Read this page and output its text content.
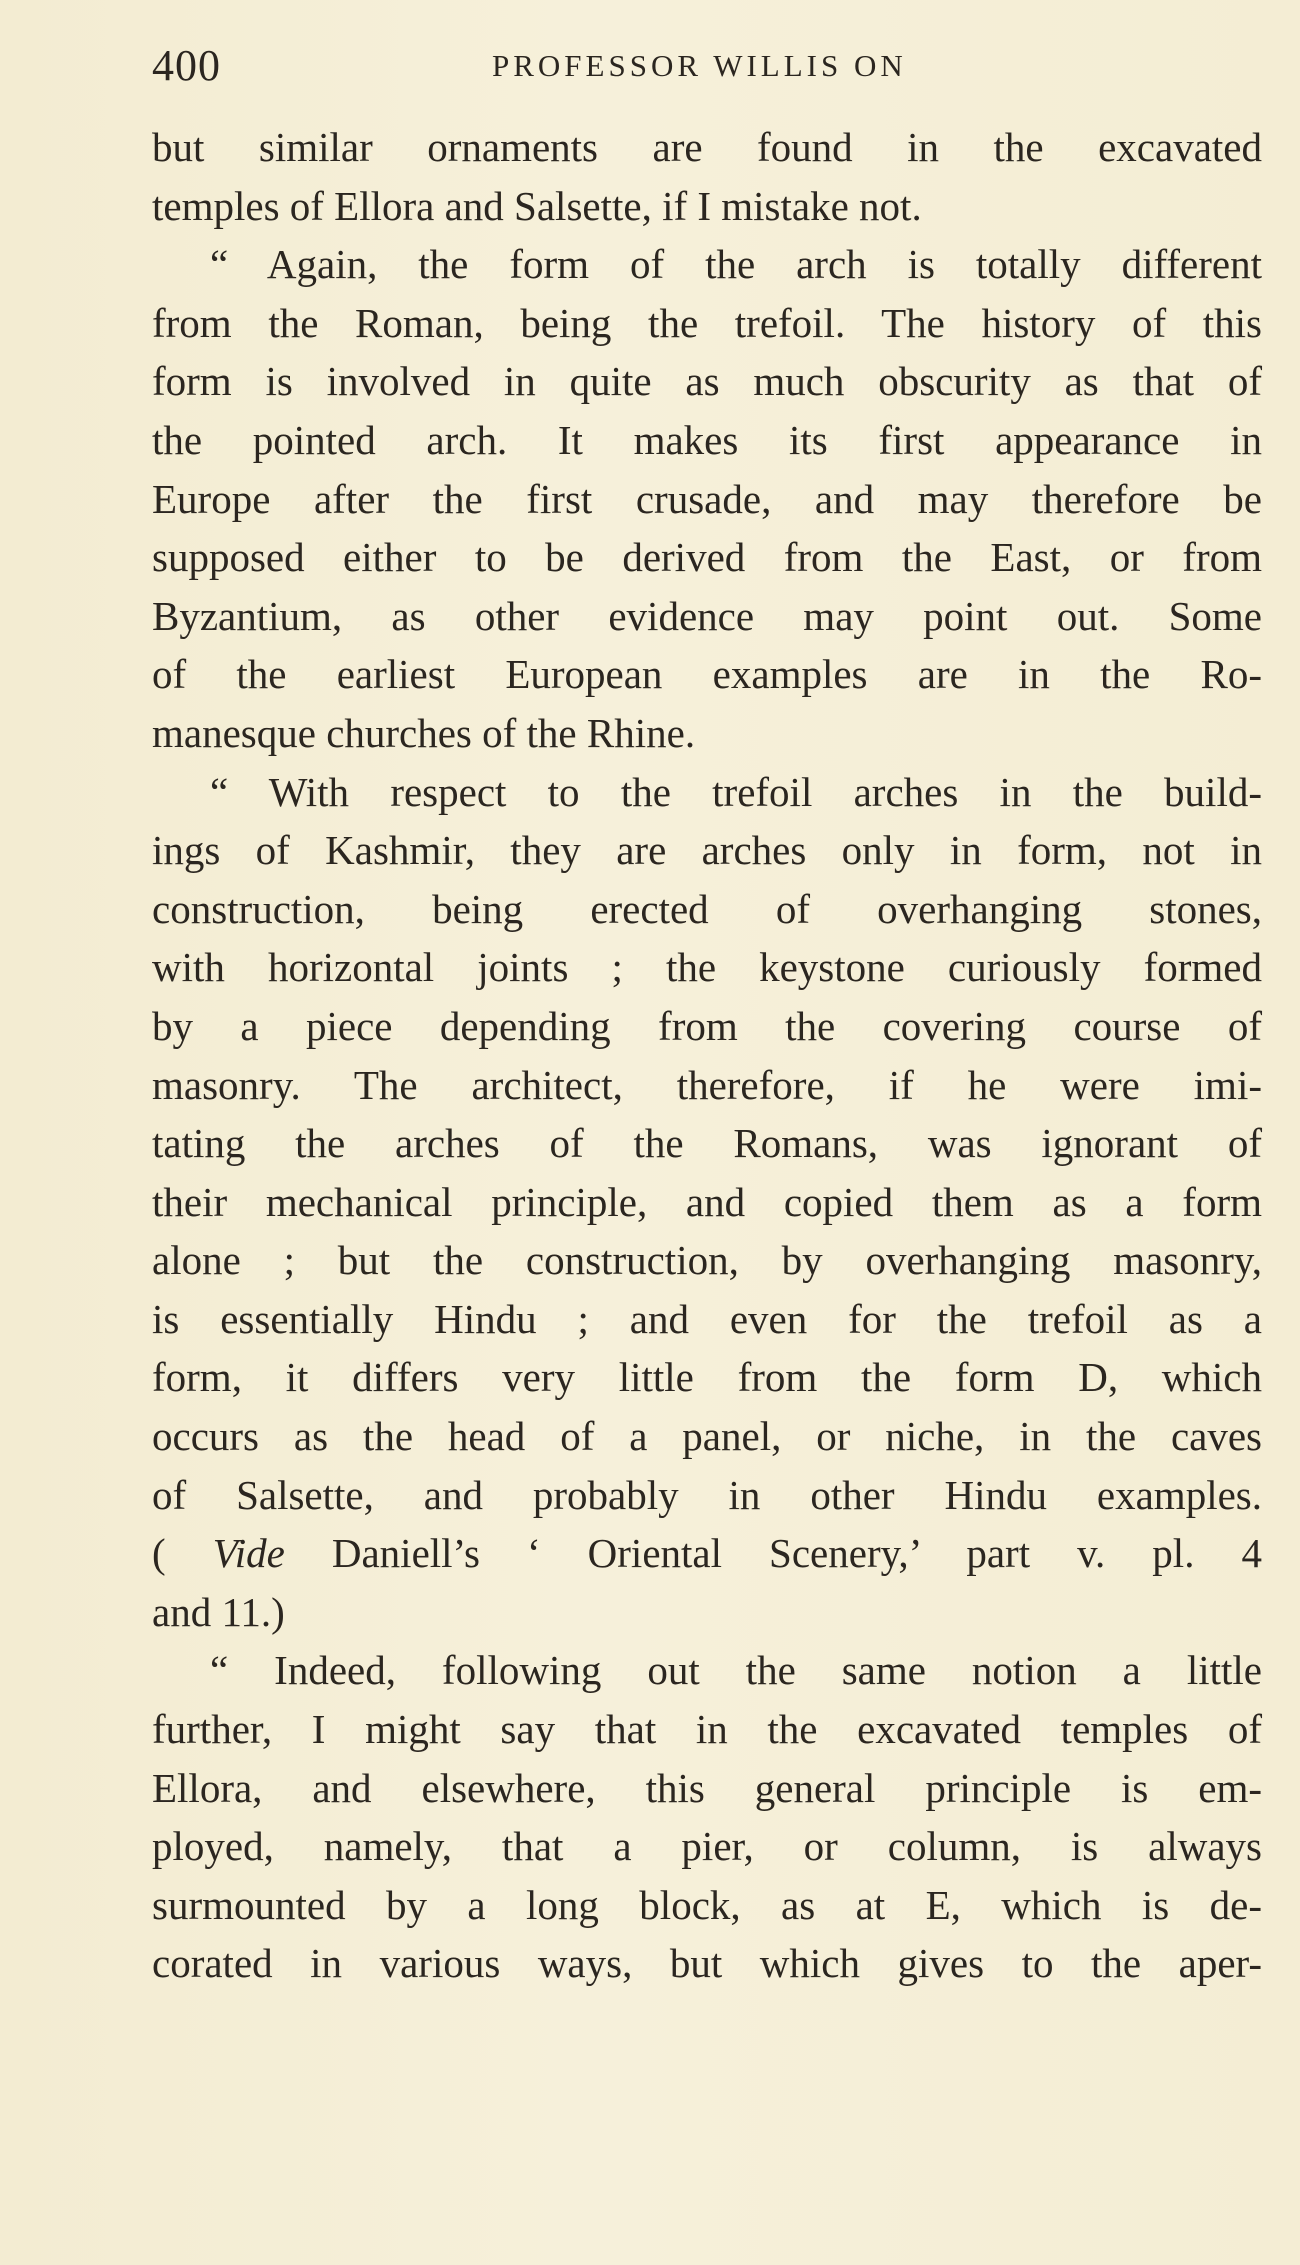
400	PROFESSOR WILLIS ON
but similar ornaments are found in the excavated
temples of Ellora and Salsette, if I mistake not.
“ Again, the form of the arch is totally different
from the Roman, being the trefoil. The history of this
form is involved in quite as much obscurity as that of
the pointed arch. It makes its first appearance in
Europe after the first crusade, and may therefore be
supposed either to be derived from the East, or from
Byzantium, as other evidence may point out. Some
of the earliest European examples are in the Ro-
manesque churches of the Rhine.
“ With respect to the trefoil arches in the build-
ings of Kashmir, they are arches only in form, not in
construction, being erected of overhanging stones,
with horizontal joints ; the keystone curiously formed
by a piece depending from the covering course of
masonry. The architect, therefore, if he were imi-
tating the arches of the Romans, was ignorant of
their mechanical principle, and copied them as a form
alone ; but the construction, by overhanging masonry,
is essentially Hindu ; and even for the trefoil as a
form, it differs very little from the form D, which
occurs as the head of a panel, or niche, in the caves
of Salsette, and probably in other Hindu examples.
( Vide Daniell’s ‘ Oriental Scenery,’ part v. pl. 4
and 11.)
“ Indeed, following out the same notion a little
further, I might say that in the excavated temples of
Ellora, and elsewhere, this general principle is em-
ployed, namely, that a pier, or column, is always
surmounted by a long block, as at E, which is de-
corated in various ways, but which gives to the aper-
